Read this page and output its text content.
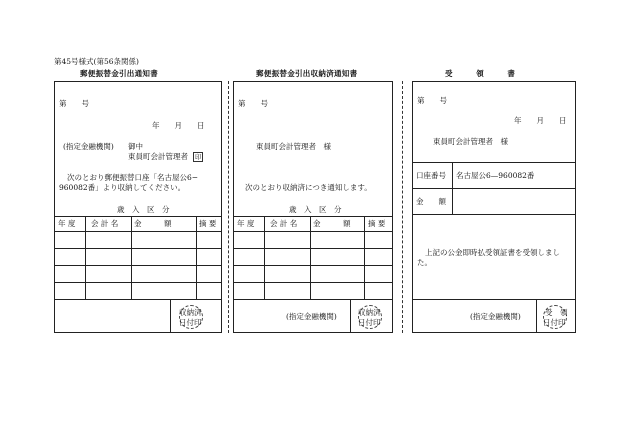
第45号様式(第56条関係)
郵便振替金引出通知書
第　　号
年　　月　　日
(指定金融機関) 御中
東員町会計管理者 印
次のとおり郵便振替口座「名古屋公6−
960082番」より収納してください。
歳　入　区　分
年 度 会 計 名 金　　　額	摘 要
収納済
日付印
郵便振替金引出収納済通知書
第　　号
東員町会計管理者　様
次のとおり収納済につき通知します。
歳　入　区　分
年 度 会 計 名 金　　　額 摘 要
(指定金融機関)	収納済
日付印
受　　　領　　　書
第　　号
年　　月　　日
東員町会計管理者　様
口座番号 名古屋公6—960082番
金　　額
上記の公金即時払受領証書を受領しまし
た。
(指定金融機関)	受　領
日付印
